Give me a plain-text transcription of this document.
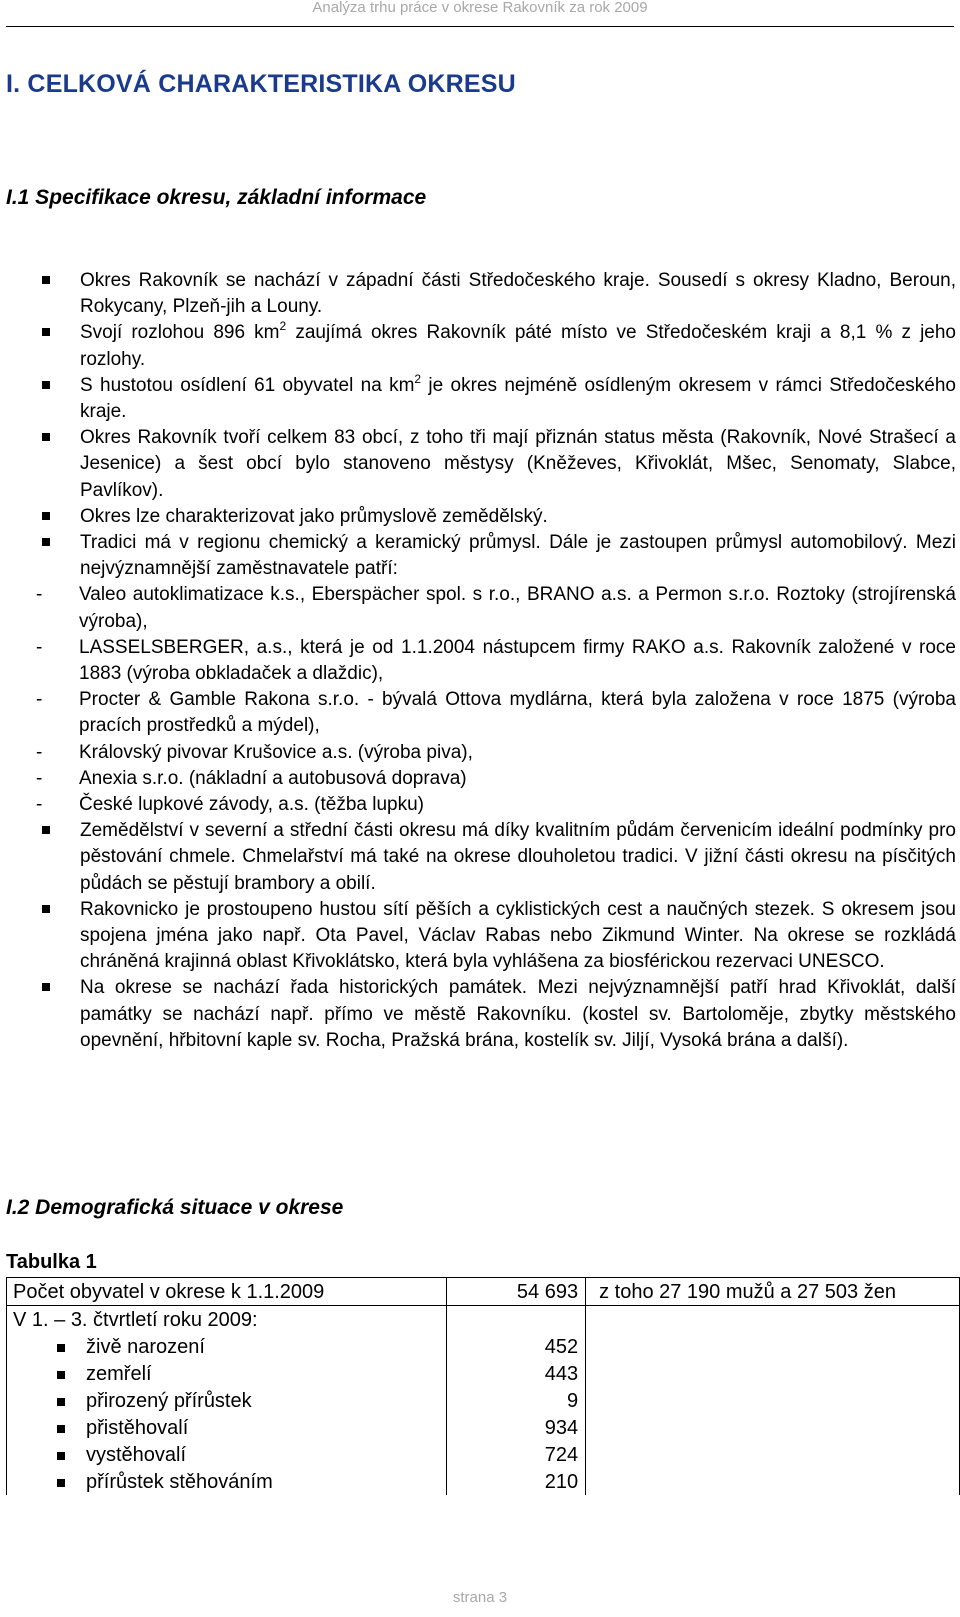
Analýza trhu práce v okrese Rakovník za rok 2009
I. CELKOVÁ CHARAKTERISTIKA OKRESU
I.1 Specifikace okresu, základní informace
Okres Rakovník se nachází v západní části Středočeského kraje. Sousedí s okresy Kladno, Beroun, Rokycany, Plzeň-jih a Louny.
Svojí rozlohou 896 $km^2$ zaujímá okres Rakovník páté místo ve Středočeském kraji a 8,1 % z jeho rozlohy.
S hustotou osídlení 61 obyvatel na $km^2$ je okres nejméně osídleným okresem v rámci Středočeského kraje.
Okres Rakovník tvoří celkem 83 obcí, z toho tři mají přiznán status města (Rakovník, Nové Strašecí a Jesenice) a šest obcí bylo stanoveno městysy (Kněževes, Křivoklát, Mšec, Senomaty, Slabce, Pavlíkov).
Okres lze charakterizovat jako průmyslově zemědělský.
Tradici má v regionu chemický a keramický průmysl. Dále je zastoupen průmysl automobilový. Mezi nejvýznamnější zaměstnavatele patří:
- Valeo autoklimatizace k.s., Eberspächer spol. s r.o., BRANO a.s. a Permon s.r.o. Roztoky (strojírenská výroba),
- LASSELSBERGER, a.s., která je od 1.1.2004 nástupcem firmy RAKO a.s. Rakovník založené v roce 1883 (výroba obkladaček a dlaždic),
- Procter & Gamble Rakona s.r.o. - bývalá Ottova mydlárna, která byla založena v roce 1875 (výroba pracích prostředků a mýdel),
- Královský pivovar Krušovice a.s. (výroba piva),
- Anexia s.r.o. (nákladní a autobusová doprava)
- České lupkové závody, a.s. (těžba lupku)
Zemědělství v severní a střední části okresu má díky kvalitním půdám červenicím ideální podmínky pro pěstování chmele. Chmelařství má také na okrese dlouholetou tradici. V jižní části okresu na písčitých půdách se pěstují brambory a obilí.
Rakovnicko je prostoupeno hustou sítí pěších a cyklistických cest a naučných stezek. S okresem jsou spojena jména jako např. Ota Pavel, Václav Rabas nebo Zikmund Winter. Na okrese se rozkládá chráněná krajinná oblast Křivoklátsko, která byla vyhlášena za biosférickou rezervaci UNESCO.
Na okrese se nachází řada historických památek. Mezi nejvýznamnější patří hrad Křivoklát, další památky se nachází např. přímo ve městě Rakovníku. (kostel sv. Bartoloměje, zbytky městského opevnění, hřbitovní kaple sv. Rocha, Pražská brána, kostelík sv. Jiljí, Vysoká brána a další).
I.2 Demografická situace v okrese
Tabulka 1
Počet obyvatel v okrese k 1.1.2009	54 693	z toho 27 190 mužů a 27 503 žen
V 1. – 3. čtvrtletí roku 2009:		

živě narození	452	

zemřelí	443	

přirozený přírůstek	9	

přistěhovalí	934	

vystěhovalí	724	

přírůstek stěhováním	210	
strana 3
